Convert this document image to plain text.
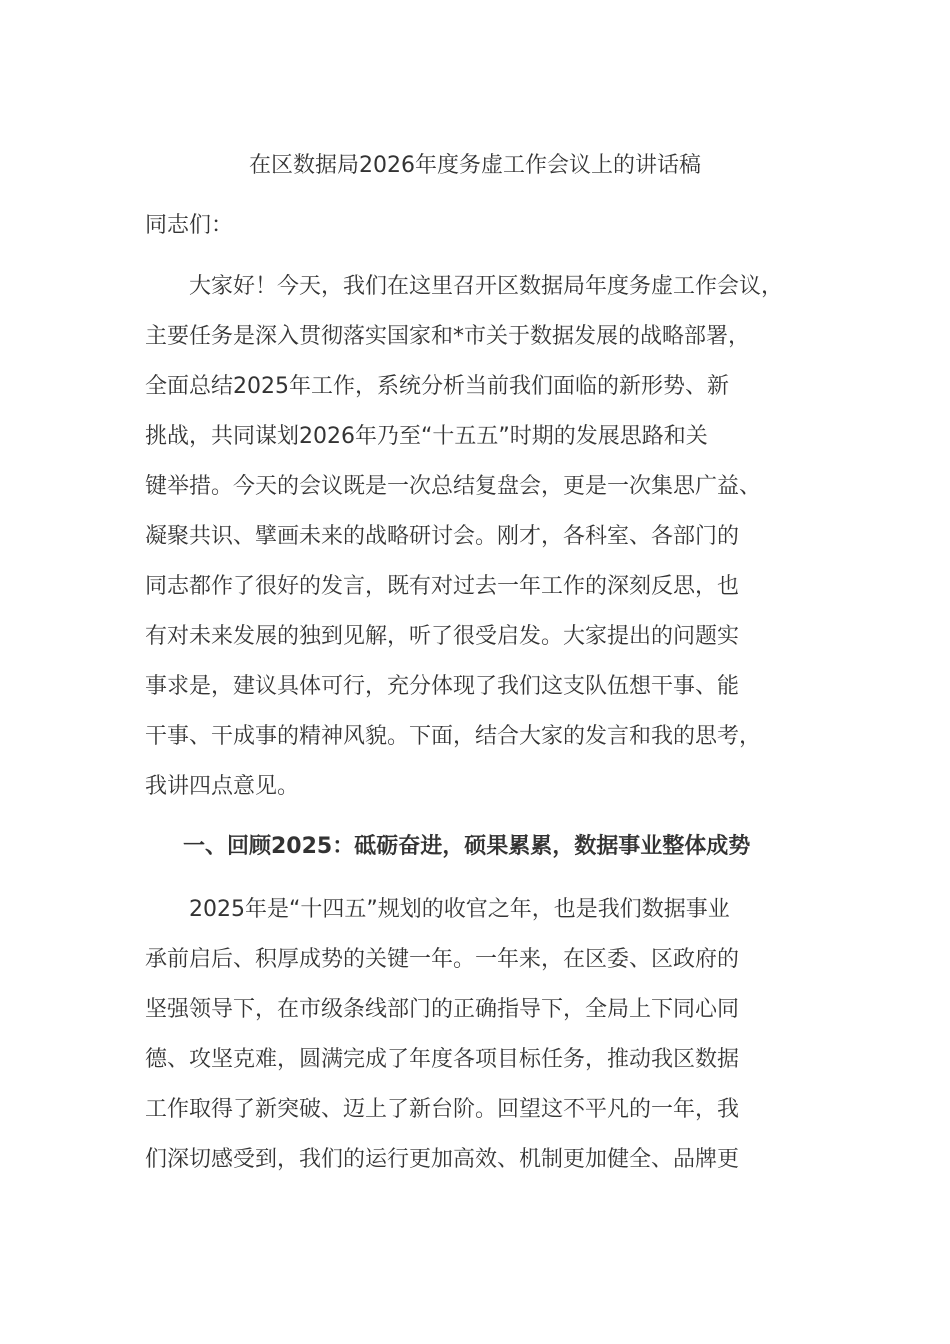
在区数据局2026年度务虚工作会议上的讲话稿

同志们：

　　大家好！今天，我们在这里召开区数据局年度务虚工作会议，
主要任务是深入贯彻落实国家和*市关于数据发展的战略部署，
全面总结2025年工作，系统分析当前我们面临的新形势、新
挑战，共同谋划2026年乃至“十五五”时期的发展思路和关
键举措。今天的会议既是一次总结复盘会，更是一次集思广益、
凝聚共识、擘画未来的战略研讨会。刚才，各科室、各部门的
同志都作了很好的发言，既有对过去一年工作的深刻反思，也
有对未来发展的独到见解，听了很受启发。大家提出的问题实
事求是，建议具体可行，充分体现了我们这支队伍想干事、能
干事、干成事的精神风貌。下面，结合大家的发言和我的思考，
我讲四点意见。
一、回顾2025：砥砺奋进，硕果累累，数据事业整体成势
　　2025年是“十四五”规划的收官之年，也是我们数据事业
承前启后、积厚成势的关键一年。一年来，在区委、区政府的
坚强领导下，在市级条线部门的正确指导下，全局上下同心同
德、攻坚克难，圆满完成了年度各项目标任务，推动我区数据
工作取得了新突破、迈上了新台阶。回望这不平凡的一年，我
们深切感受到，我们的运行更加高效、机制更加健全、品牌更
